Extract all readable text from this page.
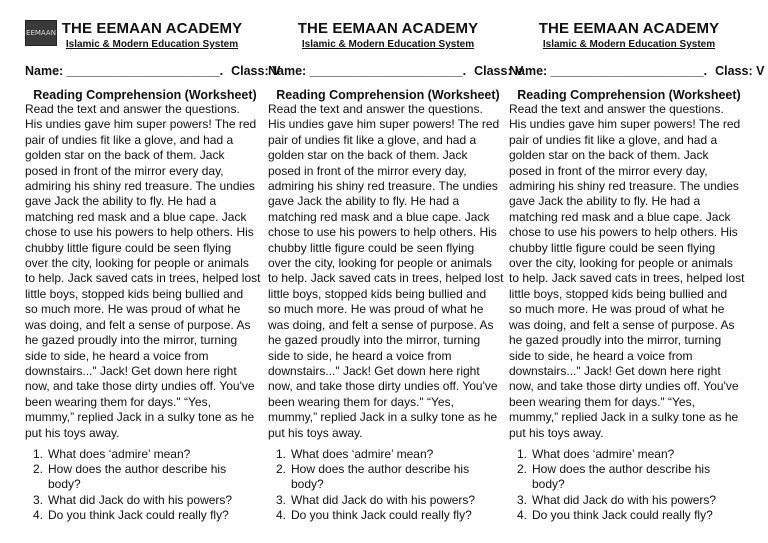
EEMAAN THE EEMAAN ACADEMY
Islamic & Modern Education System
Name: ______________________. Class: V
Reading Comprehension (Worksheet)
Read the text and answer the questions.
His undies gave him super powers! The red
pair of undies fit like a glove, and had a
golden star on the back of them. Jack
posed in front of the mirror every day,
admiring his shiny red treasure. The undies
gave Jack the ability to fly. He had a
matching red mask and a blue cape. Jack
chose to use his powers to help others. His
chubby little figure could be seen flying
over the city, looking for people or animals
to help. Jack saved cats in trees, helped lost
little boys, stopped kids being bullied and
so much more. He was proud of what he
was doing, and felt a sense of purpose. As
he gazed proudly into the mirror, turning
side to side, he heard a voice from
downstairs..." Jack! Get down here right
now, and take those dirty undies off. You've
been wearing them for days." “Yes,
mummy,” replied Jack in a sulky tone as he
put his toys away.
1. What does ‘admire’ mean?
2. How does the author describe his
body?
3. What did Jack do with his powers?
4. Do you think Jack could really fly?
THE EEMAAN ACADEMY
Islamic & Modern Education System
Name: ______________________. Class: V
Reading Comprehension (Worksheet)
Read the text and answer the questions.
His undies gave him super powers! The red
pair of undies fit like a glove, and had a
golden star on the back of them. Jack
posed in front of the mirror every day,
admiring his shiny red treasure. The undies
gave Jack the ability to fly. He had a
matching red mask and a blue cape. Jack
chose to use his powers to help others. His
chubby little figure could be seen flying
over the city, looking for people or animals
to help. Jack saved cats in trees, helped lost
little boys, stopped kids being bullied and
so much more. He was proud of what he
was doing, and felt a sense of purpose. As
he gazed proudly into the mirror, turning
side to side, he heard a voice from
downstairs..." Jack! Get down here right
now, and take those dirty undies off. You've
been wearing them for days." “Yes,
mummy,” replied Jack in a sulky tone as he
put his toys away.
1. What does ‘admire’ mean?
2. How does the author describe his
body?
3. What did Jack do with his powers?
4. Do you think Jack could really fly?
THE EEMAAN ACADEMY
Islamic & Modern Education System
Name: ______________________. Class: V
Reading Comprehension (Worksheet)
Read the text and answer the questions.
His undies gave him super powers! The red
pair of undies fit like a glove, and had a
golden star on the back of them. Jack
posed in front of the mirror every day,
admiring his shiny red treasure. The undies
gave Jack the ability to fly. He had a
matching red mask and a blue cape. Jack
chose to use his powers to help others. His
chubby little figure could be seen flying
over the city, looking for people or animals
to help. Jack saved cats in trees, helped lost
little boys, stopped kids being bullied and
so much more. He was proud of what he
was doing, and felt a sense of purpose. As
he gazed proudly into the mirror, turning
side to side, he heard a voice from
downstairs..." Jack! Get down here right
now, and take those dirty undies off. You've
been wearing them for days." “Yes,
mummy,” replied Jack in a sulky tone as he
put his toys away.
1. What does ‘admire’ mean?
2. How does the author describe his
body?
3. What did Jack do with his powers?
4. Do you think Jack could really fly?
